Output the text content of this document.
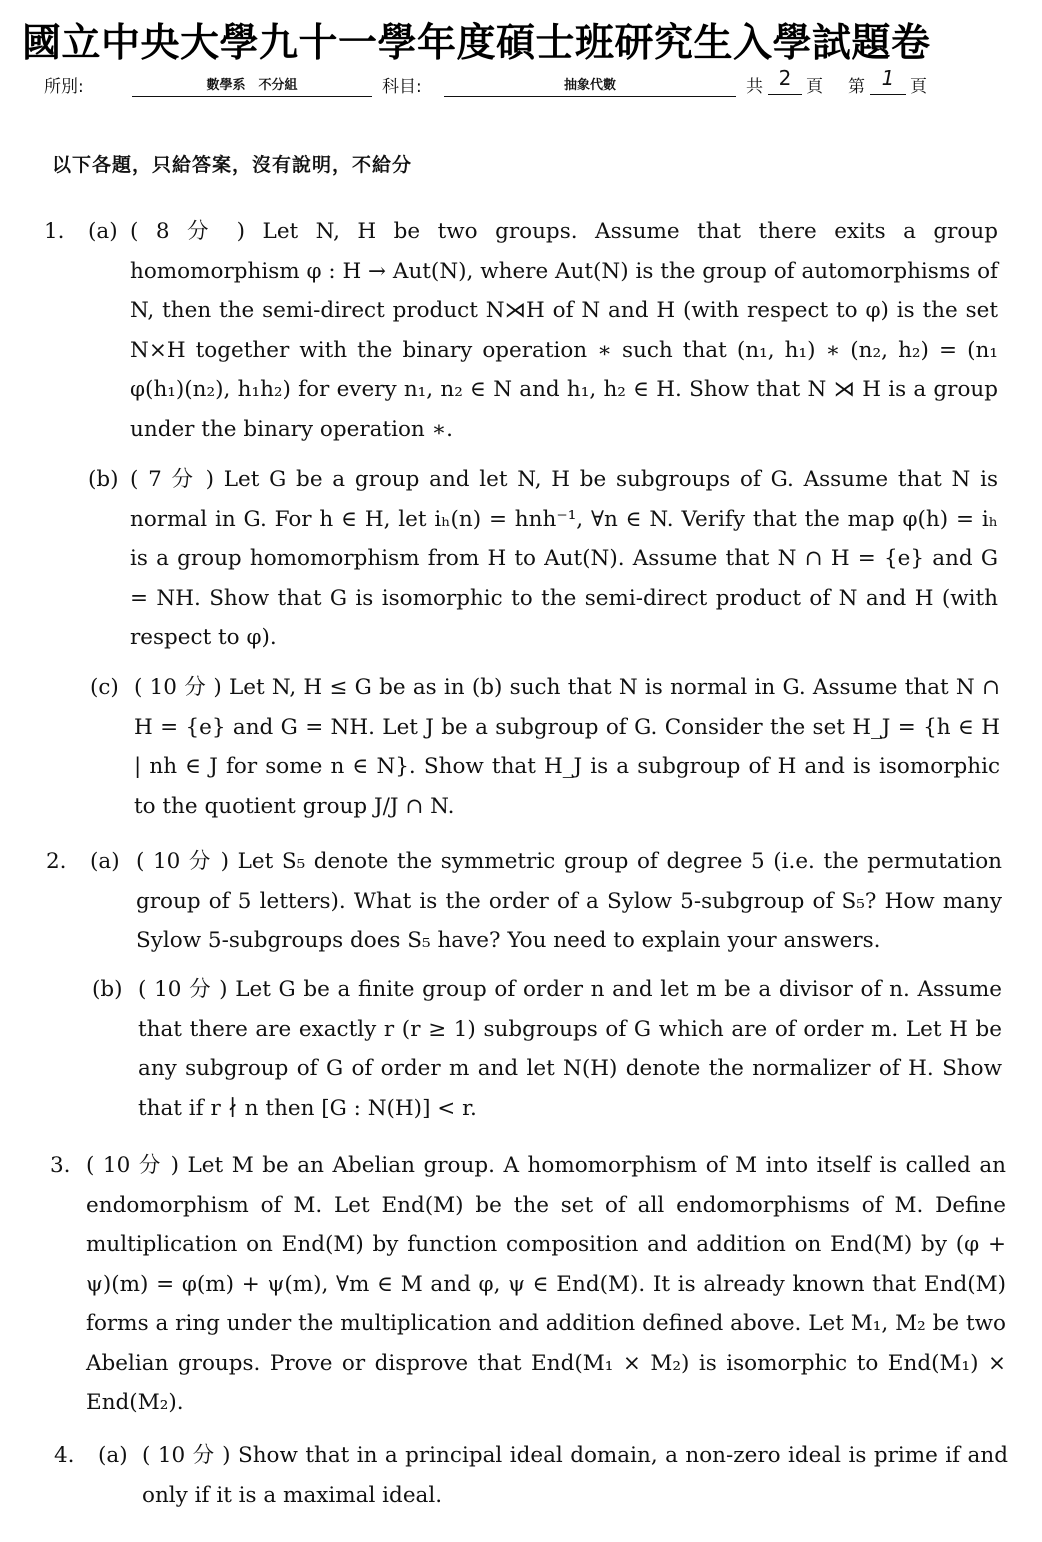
國立中央大學九十一學年度碩士班研究生入學試題卷
所別:	數學系　不分組	科目:	抽象代數	共 2 頁 第 1 頁
以下各題，只給答案，沒有說明，不給分
1. (a) ( 8 分 ) Let N, H be two groups. Assume that there exits a group homomorphism φ : H → Aut(N), where Aut(N) is the group of automorphisms of N, then the semi-direct product N⋊H of N and H (with respect to φ) is the set N×H together with the binary operation ∗ such that (n₁, h₁) ∗ (n₂, h₂) = (n₁ φ(h₁)(n₂), h₁h₂) for every n₁, n₂ ∈ N and h₁, h₂ ∈ H. Show that N ⋊ H is a group under the binary operation ∗.
(b) ( 7 分 ) Let G be a group and let N, H be subgroups of G. Assume that N is normal in G. For h ∈ H, let iₕ(n) = hnh⁻¹, ∀n ∈ N. Verify that the map φ(h) = iₕ is a group homomorphism from H to Aut(N). Assume that N ∩ H = {e} and G = NH. Show that G is isomorphic to the semi-direct product of N and H (with respect to φ).
(c) ( 10 分 ) Let N, H ≤ G be as in (b) such that N is normal in G. Assume that N ∩ H = {e} and G = NH. Let J be a subgroup of G. Consider the set H_J = {h ∈ H | nh ∈ J for some n ∈ N}. Show that H_J is a subgroup of H and is isomorphic to the quotient group J/J ∩ N.
2. (a) ( 10 分 ) Let S₅ denote the symmetric group of degree 5 (i.e. the permutation group of 5 letters). What is the order of a Sylow 5-subgroup of S₅? How many Sylow 5-subgroups does S₅ have? You need to explain your answers.
(b) ( 10 分 ) Let G be a finite group of order n and let m be a divisor of n. Assume that there are exactly r (r ≥ 1) subgroups of G which are of order m. Let H be any subgroup of G of order m and let N(H) denote the normalizer of H. Show that if r ∤ n then [G : N(H)] < r.
3. ( 10 分 ) Let M be an Abelian group. A homomorphism of M into itself is called an endomorphism of M. Let End(M) be the set of all endomorphisms of M. Define multiplication on End(M) by function composition and addition on End(M) by (φ + ψ)(m) = φ(m) + ψ(m), ∀m ∈ M and φ, ψ ∈ End(M). It is already known that End(M) forms a ring under the multiplication and addition defined above. Let M₁, M₂ be two Abelian groups. Prove or disprove that End(M₁ × M₂) is isomorphic to End(M₁) × End(M₂).
4. (a) ( 10 分 ) Show that in a principal ideal domain, a non-zero ideal is prime if and only if it is a maximal ideal.
